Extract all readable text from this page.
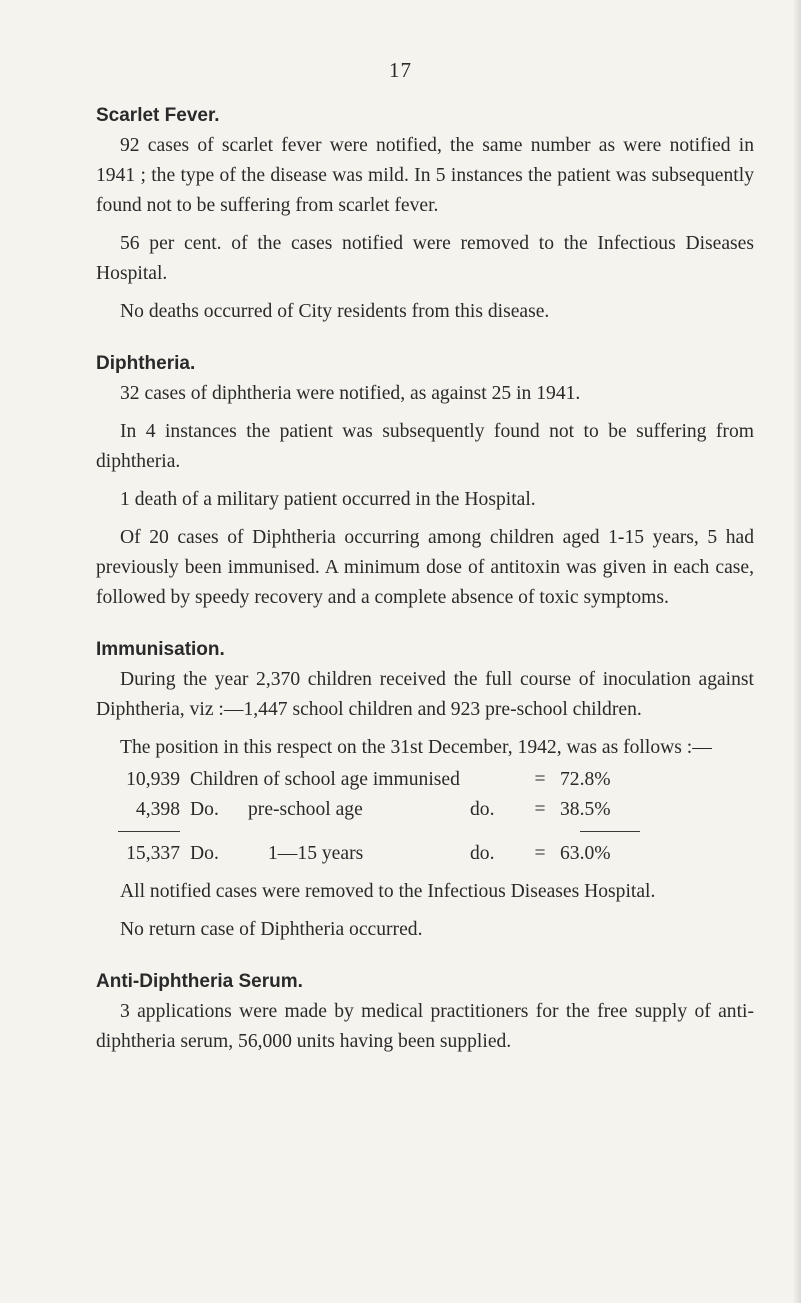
17
Scarlet Fever.

92 cases of scarlet fever were notified, the same number as were notified in 1941 ; the type of the disease was mild. In 5 instances the patient was subsequently found not to be suffering from scarlet fever.

56 per cent. of the cases notified were removed to the Infectious Diseases Hospital.

No deaths occurred of City residents from this disease.

Diphtheria.

32 cases of diphtheria were notified, as against 25 in 1941.

In 4 instances the patient was subsequently found not to be suffering from diphtheria.

1 death of a military patient occurred in the Hospital.

Of 20 cases of Diphtheria occurring among children aged 1-15 years, 5 had previously been immunised. A minimum dose of antitoxin was given in each case, followed by speedy recovery and a complete absence of toxic symptoms.

Immunisation.

During the year 2,370 children received the full course of inoculation against Diphtheria, viz :—1,447 school children and 923 pre-school children.

The position in this respect on the 31st December, 1942, was as follows :—

10,939 Children of school age immunised	= 72.8%
4,398 Do.	pre-school age	do.	= 38.5%
15,337 Do.	1—15 years	do.	= 63.0%

All notified cases were removed to the Infectious Diseases Hospital.

No return case of Diphtheria occurred.

Anti-Diphtheria Serum.

3 applications were made by medical practitioners for the free supply of anti-diphtheria serum, 56,000 units having been supplied.
